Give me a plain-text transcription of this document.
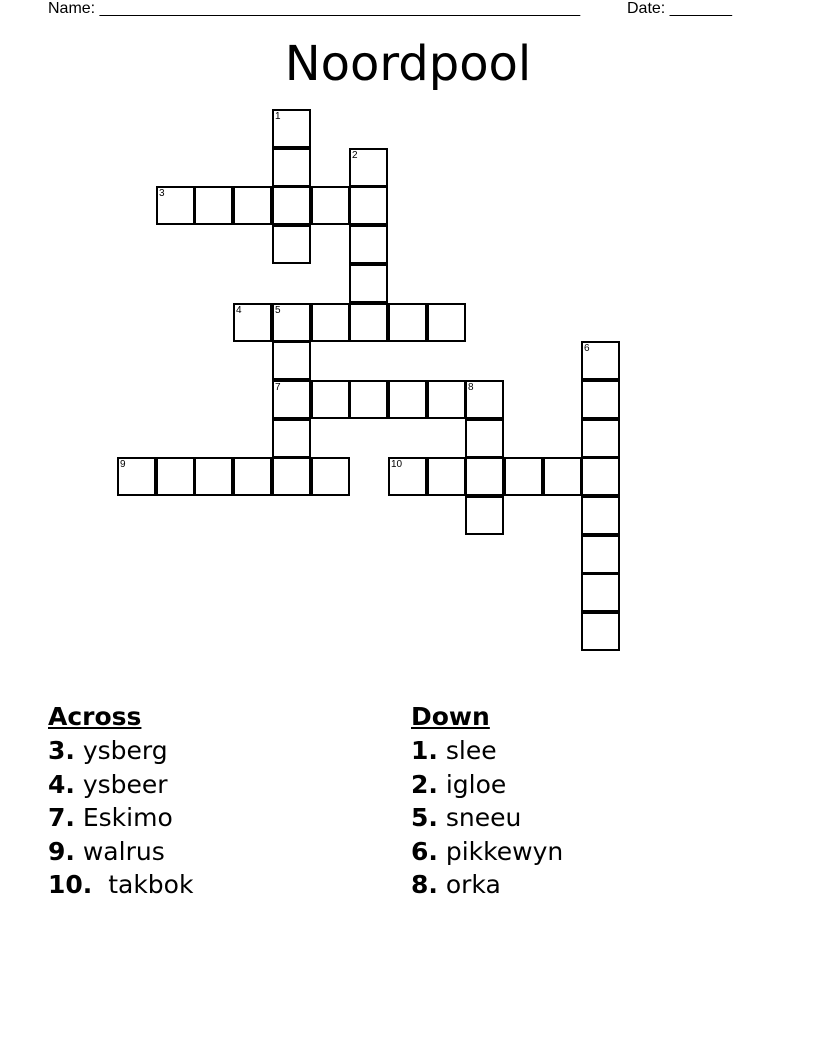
Name: ______________________________________________________	Date: _______
Noordpool
1
2
3
4	5
7
6
8
9	10
Across
3. ysberg
4. ysbeer
7. Eskimo
9. walrus
10. takbok
Down
1. slee
2. igloe
5. sneeu
6. pikkewyn
8. orka
